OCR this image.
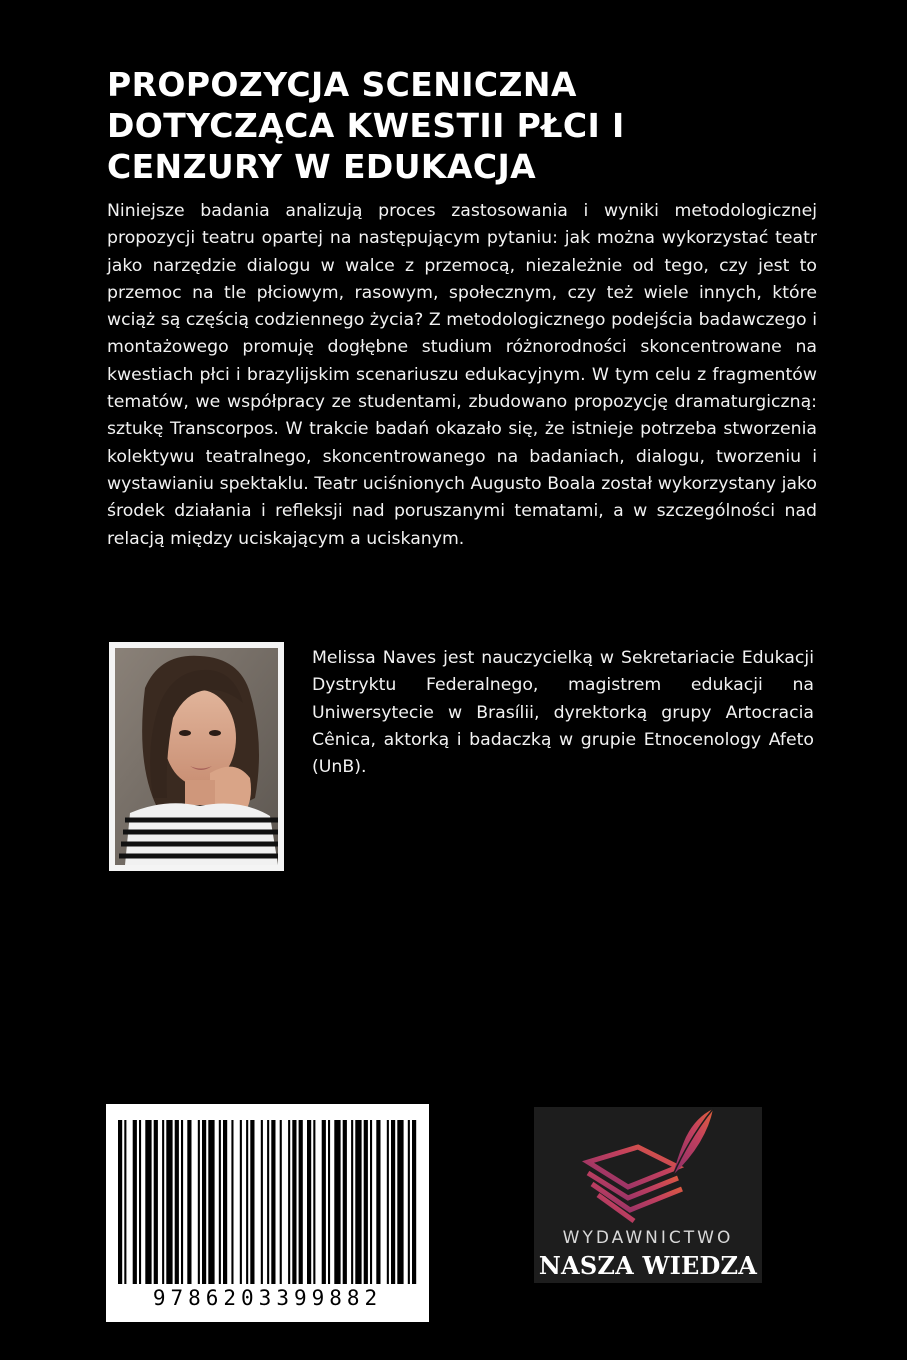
PROPOZYCJA SCENICZNA
DOTYCZĄCA KWESTII PŁCI I
CENZURY W EDUKACJA

Niniejsze badania analizują proces zastosowania i wyniki metodologicznej propozycji teatru opartej na następującym pytaniu: jak można wykorzystać teatr jako narzędzie dialogu w walce z przemocą, niezależnie od tego, czy jest to przemoc na tle płciowym, rasowym, społecznym, czy też wiele innych, które wciąż są częścią codziennego życia? Z metodologicznego podejścia badawczego i montażowego promuję dogłębne studium różnorodności skoncentrowane na kwestiach płci i brazylijskim scenariuszu edukacyjnym. W tym celu z fragmentów tematów, we współpracy ze studentami, zbudowano propozycję dramaturgiczną: sztukę Transcorpos. W trakcie badań okazało się, że istnieje potrzeba stworzenia kolektywu teatralnego, skoncentrowanego na badaniach, dialogu, tworzeniu i wystawianiu spektaklu. Teatr uciśnionych Augusto Boala został wykorzystany jako środek działania i refleksji nad poruszanymi tematami, a w szczególności nad relacją między uciskającym a uciskanym.

Melissa Naves jest nauczycielką w Sekretariacie Edukacji Dystryktu Federalnego, magistrem edukacji na Uniwersytecie w Brasílii, dyrektorką grupy Artocracia Cênica, aktorką i badaczką w grupie Etnocenology Afeto (UnB).

9786203399882
WYDAWNICTWO
NASZA WIEDZA
